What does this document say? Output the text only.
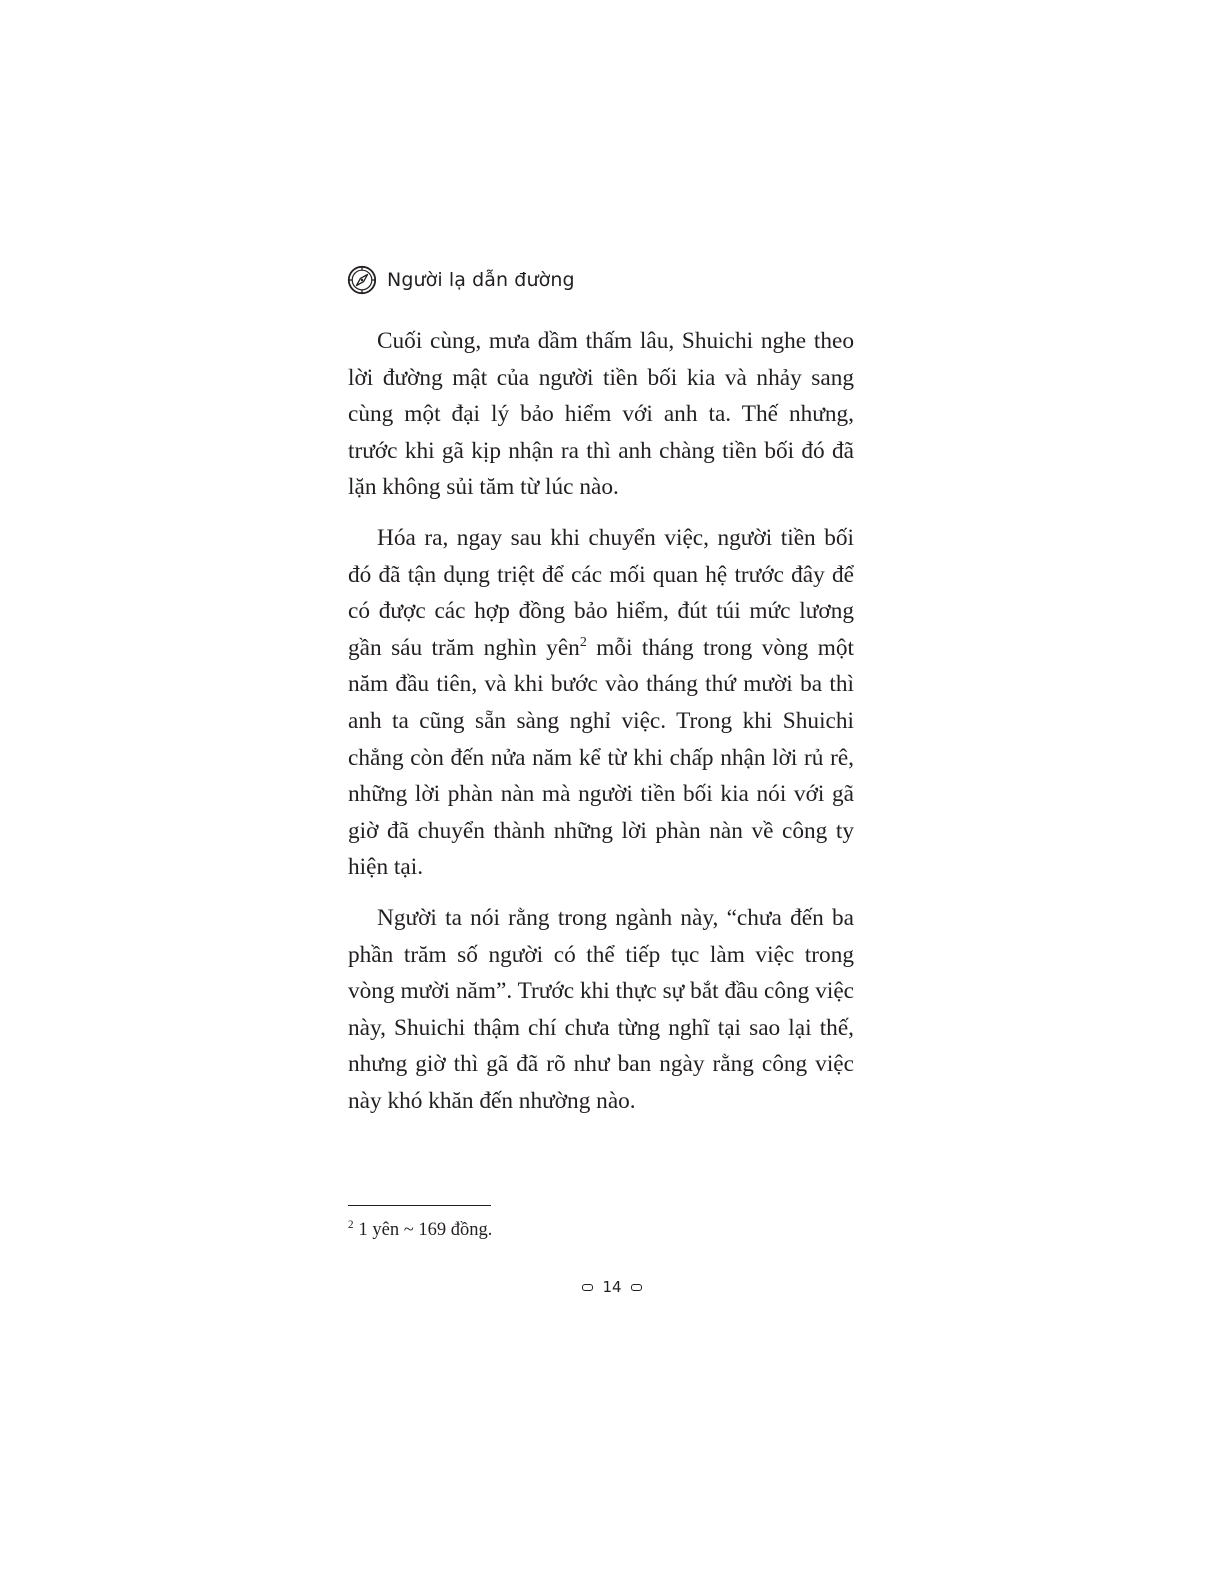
Người lạ dẫn đường

Cuối cùng, mưa dầm thấm lâu, Shuichi nghe theo lời đường mật của người tiền bối kia và nhảy sang cùng một đại lý bảo hiểm với anh ta. Thế nhưng, trước khi gã kịp nhận ra thì anh chàng tiền bối đó đã lặn không sủi tăm từ lúc nào.

Hóa ra, ngay sau khi chuyển việc, người tiền bối đó đã tận dụng triệt để các mối quan hệ trước đây để có được các hợp đồng bảo hiểm, đút túi mức lương gần sáu trăm nghìn yên$^2$ mỗi tháng trong vòng một năm đầu tiên, và khi bước vào tháng thứ mười ba thì anh ta cũng sẵn sàng nghỉ việc. Trong khi Shuichi chẳng còn đến nửa năm kể từ khi chấp nhận lời rủ rê, những lời phàn nàn mà người tiền bối kia nói với gã giờ đã chuyển thành những lời phàn nàn về công ty hiện tại.

Người ta nói rằng trong ngành này, “chưa đến ba phần trăm số người có thể tiếp tục làm việc trong vòng mười năm”. Trước khi thực sự bắt đầu công việc này, Shuichi thậm chí chưa từng nghĩ tại sao lại thế, nhưng giờ thì gã đã rõ như ban ngày rằng công việc này khó khăn đến nhường nào.

$^2$ 1 yên ~ 169 đồng.
14
